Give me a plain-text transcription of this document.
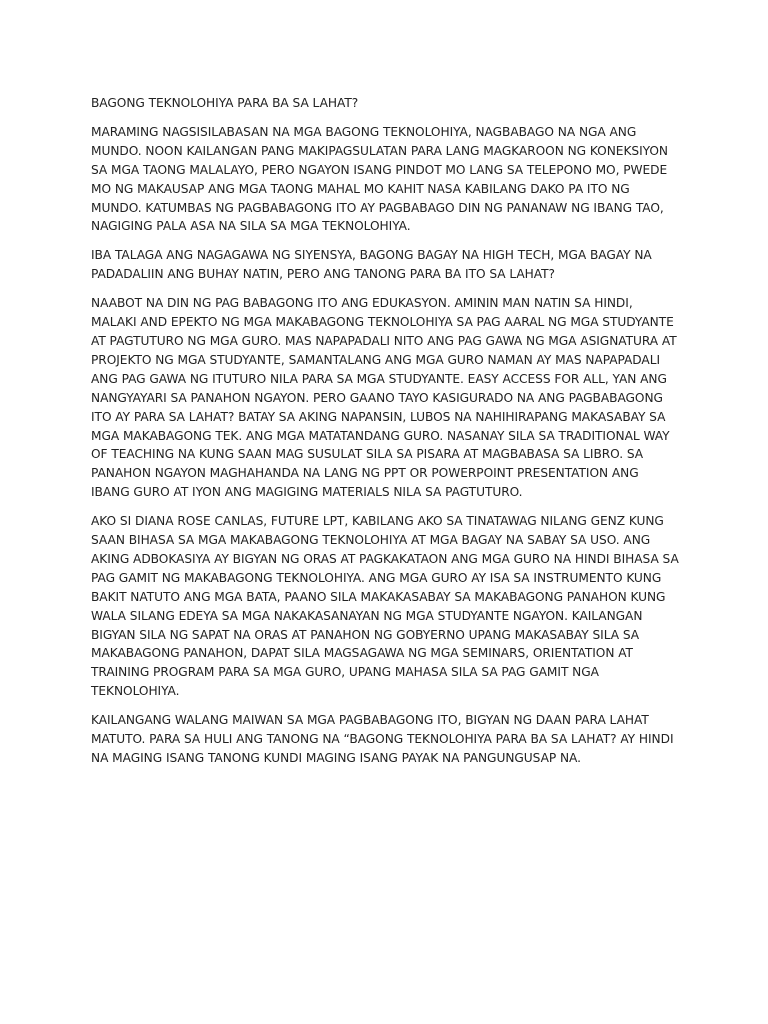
BAGONG TEKNOLOHIYA PARA BA SA LAHAT?

MARAMING NAGSISILABASAN NA MGA BAGONG TEKNOLOHIYA, NAGBABAGO NA NGA ANG MUNDO. NOON KAILANGAN PANG MAKIPAGSULATAN PARA LANG MAGKAROON NG KONEKSIYON SA MGA TAONG MALALAYO, PERO NGAYON ISANG PINDOT MO LANG SA TELEPONO MO, PWEDE MO NG MAKAUSAP ANG MGA TAONG MAHAL MO KAHIT NASA KABILANG DAKO PA ITO NG MUNDO. KATUMBAS NG PAGBABAGONG ITO AY PAGBABAGO DIN NG PANANAW NG IBANG TAO, NAGIGING PALA ASA NA SILA SA MGA TEKNOLOHIYA.

IBA TALAGA ANG NAGAGAWA NG SIYENSYA, BAGONG BAGAY NA HIGH TECH, MGA BAGAY NA PADADALIIN ANG BUHAY NATIN, PERO ANG TANONG PARA BA ITO SA LAHAT?

NAABOT NA DIN NG PAG BABAGONG ITO ANG EDUKASYON. AMININ MAN NATIN SA HINDI, MALAKI AND EPEKTO NG MGA MAKABAGONG TEKNOLOHIYA SA PAG AARAL NG MGA STUDYANTE AT PAGTUTURO NG MGA GURO. MAS NAPAPADALI NITO ANG PAG GAWA NG MGA ASIGNATURA AT PROJEKTO NG MGA STUDYANTE, SAMANTALANG ANG MGA GURO NAMAN AY MAS NAPAPADALI ANG PAG GAWA NG ITUTURO NILA PARA SA MGA STUDYANTE. EASY ACCESS FOR ALL, YAN ANG NANGYAYARI SA PANAHON NGAYON. PERO GAANO TAYO KASIGURADO NA ANG PAGBABAGONG ITO AY PARA SA LAHAT? BATAY SA AKING NAPANSIN, LUBOS NA NAHIHIRAPANG MAKASABAY SA MGA MAKABAGONG TEK. ANG MGA MATATANDANG GURO. NASANAY SILA SA TRADITIONAL WAY OF TEACHING NA KUNG SAAN MAG SUSULAT SILA SA PISARA AT MAGBABASA SA LIBRO. SA PANAHON NGAYON MAGHAHANDA NA LANG NG PPT OR POWERPOINT PRESENTATION ANG IBANG GURO AT IYON ANG MAGIGING MATERIALS NILA SA PAGTUTURO.

AKO SI DIANA ROSE CANLAS, FUTURE LPT, KABILANG AKO SA TINATAWAG NILANG GENZ KUNG SAAN BIHASA SA MGA MAKABAGONG TEKNOLOHIYA AT MGA BAGAY NA SABAY SA USO. ANG AKING ADBOKASIYA AY BIGYAN NG ORAS AT PAGKAKATAON ANG MGA GURO NA HINDI BIHASA SA PAG GAMIT NG MAKABAGONG TEKNOLOHIYA. ANG MGA GURO AY ISA SA INSTRUMENTO KUNG BAKIT NATUTO ANG MGA BATA, PAANO SILA MAKAKASABAY SA MAKABAGONG PANAHON KUNG WALA SILANG EDEYA SA MGA NAKAKASANAYAN NG MGA STUDYANTE NGAYON. KAILANGAN BIGYAN SILA NG SAPAT NA ORAS AT PANAHON NG GOBYERNO UPANG MAKASABAY SILA SA MAKABAGONG PANAHON, DAPAT SILA MAGSAGAWA NG MGA SEMINARS, ORIENTATION AT TRAINING PROGRAM PARA SA MGA GURO, UPANG MAHASA SILA SA PAG GAMIT NGA TEKNOLOHIYA.

KAILANGANG WALANG MAIWAN SA MGA PAGBABAGONG ITO, BIGYAN NG DAAN PARA LAHAT MATUTO. PARA SA HULI ANG TANONG NA “BAGONG TEKNOLOHIYA PARA BA SA LAHAT? AY HINDI NA MAGING ISANG TANONG KUNDI MAGING ISANG PAYAK NA PANGUNGUSAP NA.
